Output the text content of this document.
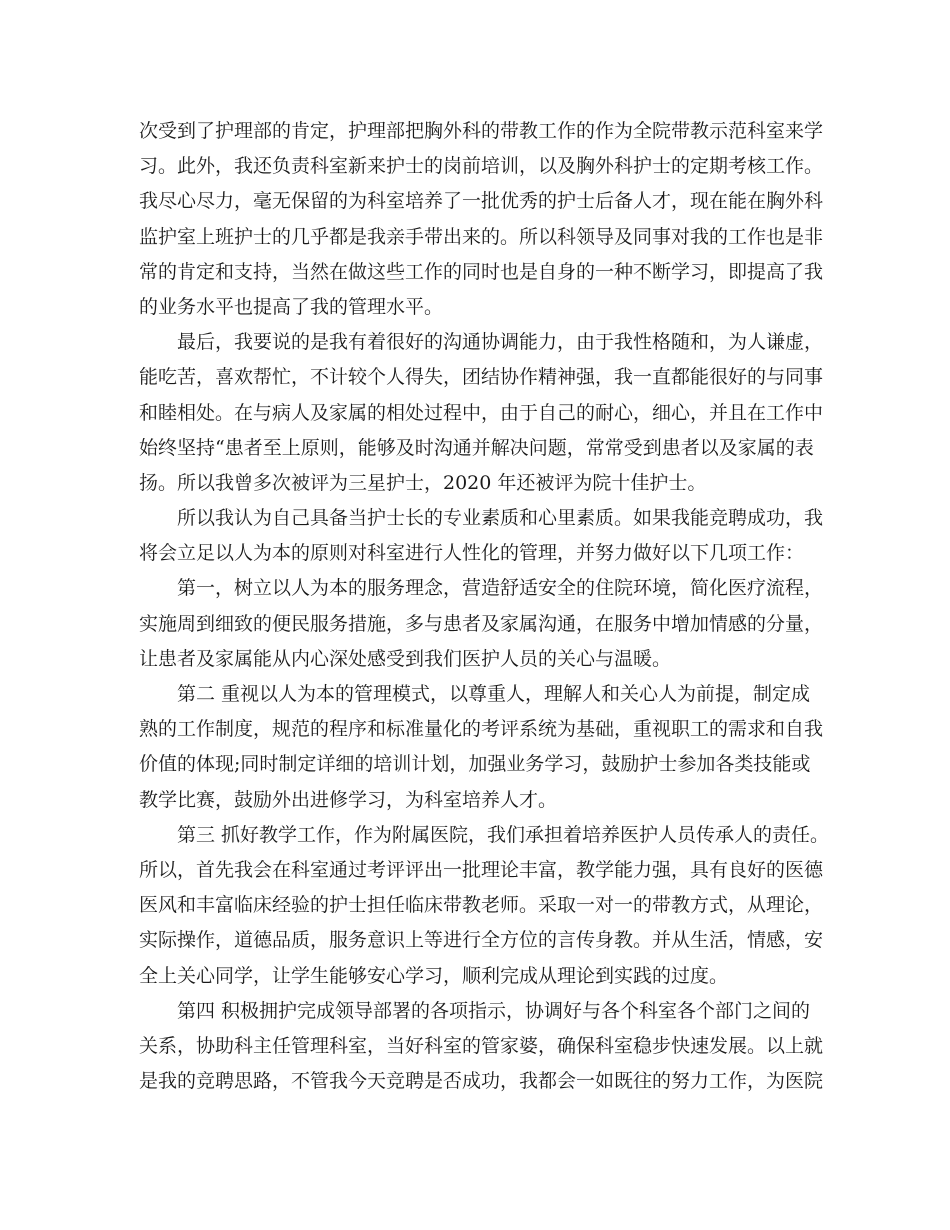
次受到了护理部的肯定，护理部把胸外科的带教工作的作为全院带教示范科室来学
习。此外，我还负责科室新来护士的岗前培训，以及胸外科护士的定期考核工作。
我尽心尽力，毫无保留的为科室培养了一批优秀的护士后备人才，现在能在胸外科
监护室上班护士的几乎都是我亲手带出来的。所以科领导及同事对我的工作也是非
常的肯定和支持，当然在做这些工作的同时也是自身的一种不断学习，即提高了我
的业务水平也提高了我的管理水平。
最后，我要说的是我有着很好的沟通协调能力，由于我性格随和，为人谦虚，
能吃苦，喜欢帮忙，不计较个人得失，团结协作精神强，我一直都能很好的与同事
和睦相处。在与病人及家属的相处过程中，由于自己的耐心，细心，并且在工作中
始终坚持“患者至上原则，能够及时沟通并解决问题，常常受到患者以及家属的表
扬。所以我曾多次被评为三星护士，2020 年还被评为院十佳护士。
所以我认为自己具备当护士长的专业素质和心里素质。如果我能竞聘成功，我
将会立足以人为本的原则对科室进行人性化的管理，并努力做好以下几项工作：
第一，树立以人为本的服务理念，营造舒适安全的住院环境，简化医疗流程，
实施周到细致的便民服务措施，多与患者及家属沟通，在服务中增加情感的分量，
让患者及家属能从内心深处感受到我们医护人员的关心与温暖。
第二 重视以人为本的管理模式，以尊重人，理解人和关心人为前提，制定成
熟的工作制度，规范的程序和标准量化的考评系统为基础，重视职工的需求和自我
价值的体现;同时制定详细的培训计划，加强业务学习，鼓励护士参加各类技能或
教学比赛，鼓励外出进修学习，为科室培养人才。
第三 抓好教学工作，作为附属医院，我们承担着培养医护人员传承人的责任。
所以，首先我会在科室通过考评评出一批理论丰富，教学能力强，具有良好的医德
医风和丰富临床经验的护士担任临床带教老师。采取一对一的带教方式，从理论，
实际操作，道德品质，服务意识上等进行全方位的言传身教。并从生活，情感，安
全上关心同学，让学生能够安心学习，顺利完成从理论到实践的过度。
第四 积极拥护完成领导部署的各项指示，协调好与各个科室各个部门之间的
关系，协助科主任管理科室，当好科室的管家婆，确保科室稳步快速发展。以上就
是我的竞聘思路，不管我今天竞聘是否成功，我都会一如既往的努力工作，为医院
